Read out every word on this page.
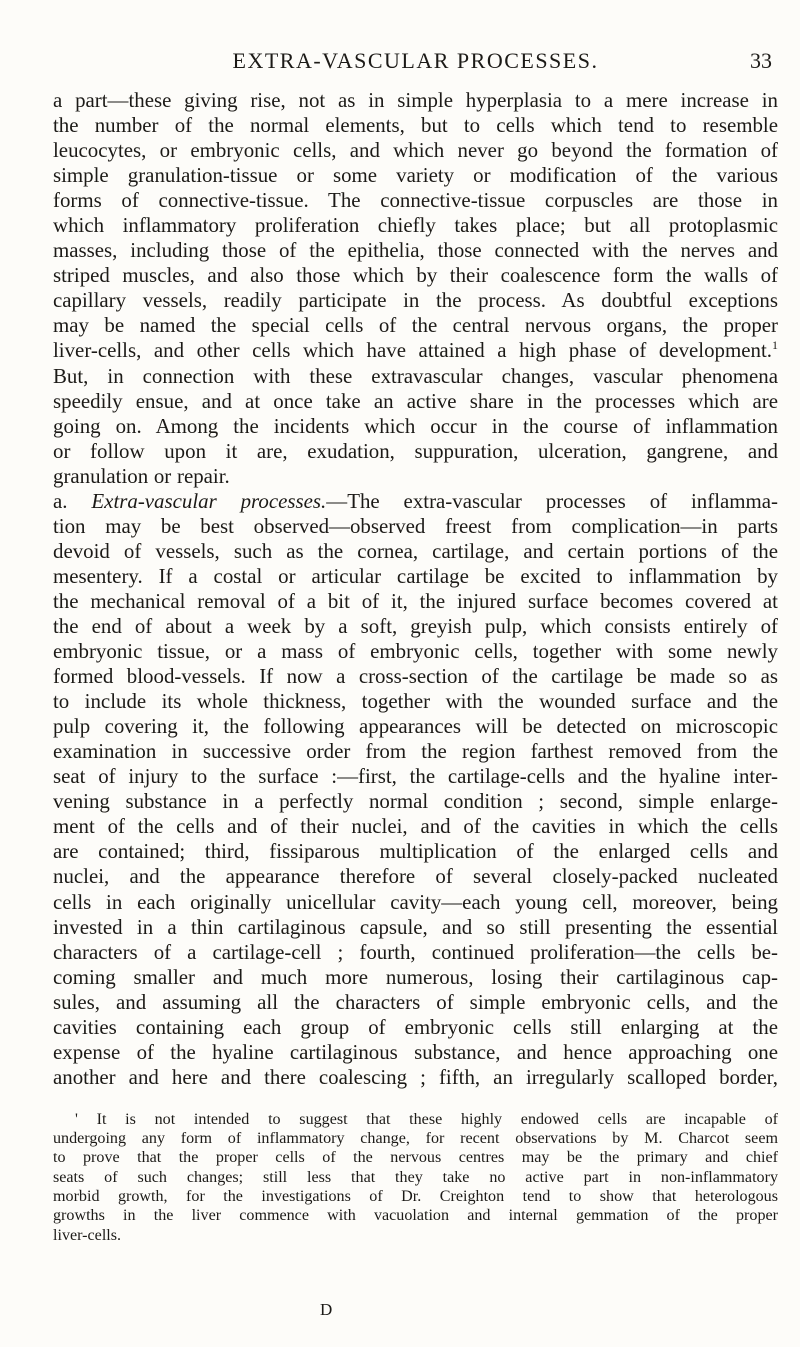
EXTRA-VASCULAR PROCESSES.	33
a part—these giving rise, not as in simple hyperplasia to a mere increase in
the number of the normal elements, but to cells which tend to resemble
leucocytes, or embryonic cells, and which never go beyond the formation of
simple granulation-tissue or some variety or modification of the various
forms of connective-tissue. The connective-tissue corpuscles are those in
which inflammatory proliferation chiefly takes place; but all protoplasmic
masses, including those of the epithelia, those connected with the nerves and
striped muscles, and also those which by their coalescence form the walls of
capillary vessels, readily participate in the process. As doubtful exceptions
may be named the special cells of the central nervous organs, the proper
liver-cells, and other cells which have attained a high phase of development.$^1$
But, in connection with these extravascular changes, vascular phenomena
speedily ensue, and at once take an active share in the processes which are
going on. Among the incidents which occur in the course of inflammation
or follow upon it are, exudation, suppuration, ulceration, gangrene, and
granulation or repair.
a. Extra-vascular processes.—The extra-vascular processes of inflamma-
tion may be best observed—observed freest from complication—in parts
devoid of vessels, such as the cornea, cartilage, and certain portions of the
mesentery. If a costal or articular cartilage be excited to inflammation by
the mechanical removal of a bit of it, the injured surface becomes covered at
the end of about a week by a soft, greyish pulp, which consists entirely of
embryonic tissue, or a mass of embryonic cells, together with some newly
formed blood-vessels. If now a cross-section of the cartilage be made so as
to include its whole thickness, together with the wounded surface and the
pulp covering it, the following appearances will be detected on microscopic
examination in successive order from the region farthest removed from the
seat of injury to the surface :—first, the cartilage-cells and the hyaline inter-
vening substance in a perfectly normal condition ; second, simple enlarge-
ment of the cells and of their nuclei, and of the cavities in which the cells
are contained; third, fissiparous multiplication of the enlarged cells and
nuclei, and the appearance therefore of several closely-packed nucleated
cells in each originally unicellular cavity—each young cell, moreover, being
invested in a thin cartilaginous capsule, and so still presenting the essential
characters of a cartilage-cell ; fourth, continued proliferation—the cells be-
coming smaller and much more numerous, losing their cartilaginous cap-
sules, and assuming all the characters of simple embryonic cells, and the
cavities containing each group of embryonic cells still enlarging at the
expense of the hyaline cartilaginous substance, and hence approaching one
another and here and there coalescing ; fifth, an irregularly scalloped border,
' It is not intended to suggest that these highly endowed cells are incapable of
undergoing any form of inflammatory change, for recent observations by M. Charcot seem
to prove that the proper cells of the nervous centres may be the primary and chief
seats of such changes; still less that they take no active part in non-inflammatory
morbid growth, for the investigations of Dr. Creighton tend to show that heterologous
growths in the liver commence with vacuolation and internal gemmation of the proper
liver-cells.
D
